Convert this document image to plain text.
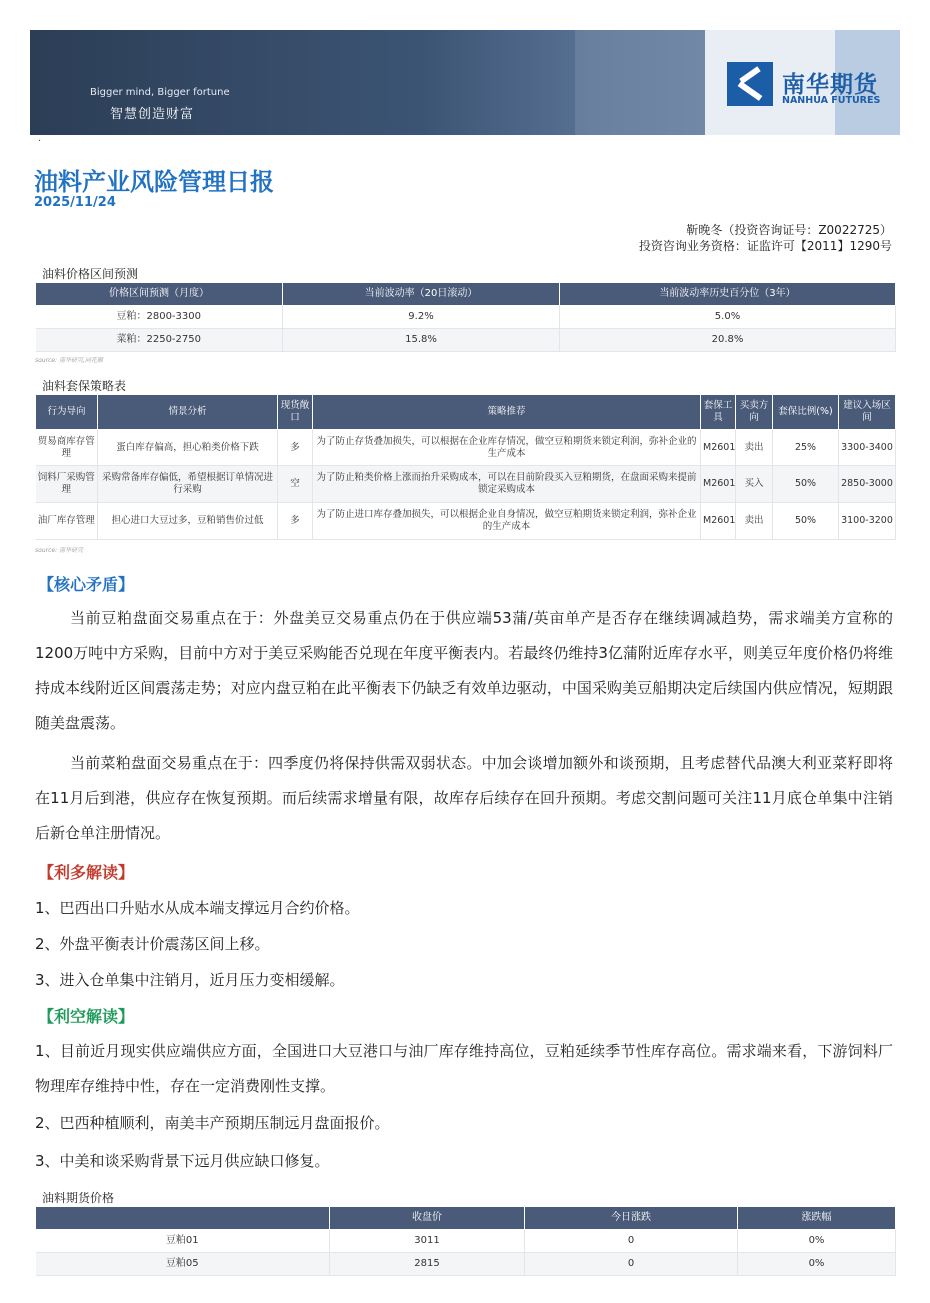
Bigger mind, Bigger fortune
智慧创造财富
南华期货
NANHUA FUTURES
·
油料产业风险管理日报
2025/11/24
靳晚冬（投资咨询证号：Z0022725）
投资咨询业务资格：证监许可【2011】1290号
油料价格区间预测
价格区间预测（月度）	当前波动率（20日滚动）	当前波动率历史百分位（3年）
豆粕：2800-3300	9.2%	5.0%
菜粕：2250-2750	15.8%	20.8%
source: 南华研究,同花顺
油料套保策略表
行为导向	情景分析	现货敞口	策略推荐	套保工具	买卖方向	套保比例(%)	建议入场区间
贸易商库存管理	蛋白库存偏高，担心粕类价格下跌	多	为了防止存货叠加损失，可以根据在企业库存情况，做空豆粕期货来锁定利润，弥补企业的生产成本	M2601	卖出	25%	3300-3400
饲料厂采购管理	采购常备库存偏低，希望根据订单情况进行采购	空	为了防止粕类价格上涨而抬升采购成本，可以在目前阶段买入豆粕期货，在盘面采购来提前锁定采购成本	M2601	买入	50%	2850-3000
油厂库存管理	担心进口大豆过多，豆粕销售价过低	多	为了防止进口库存叠加损失，可以根据企业自身情况，做空豆粕期货来锁定利润，弥补企业的生产成本	M2601	卖出	50%	3100-3200
source: 南华研究
【核心矛盾】
当前豆粕盘面交易重点在于：外盘美豆交易重点仍在于供应端53蒲/英亩单产是否存在继续调减趋势，需求端美方宣称的1200万吨中方采购，目前中方对于美豆采购能否兑现在年度平衡表内。若最终仍维持3亿蒲附近库存水平，则美豆年度价格仍将维持成本线附近区间震荡走势；对应内盘豆粕在此平衡表下仍缺乏有效单边驱动，中国采购美豆船期决定后续国内供应情况，短期跟随美盘震荡。
当前菜粕盘面交易重点在于：四季度仍将保持供需双弱状态。中加会谈增加额外和谈预期，且考虑替代品澳大利亚菜籽即将在11月后到港，供应存在恢复预期。而后续需求增量有限，故库存后续存在回升预期。考虑交割问题可关注11月底仓单集中注销后新仓单注册情况。
【利多解读】
1、巴西出口升贴水从成本端支撑远月合约价格。
2、外盘平衡表计价震荡区间上移。
3、进入仓单集中注销月，近月压力变相缓解。
【利空解读】
1、目前近月现实供应端供应方面，全国进口大豆港口与油厂库存维持高位，豆粕延续季节性库存高位。需求端来看，下游饲料厂物理库存维持中性，存在一定消费刚性支撑。
2、巴西种植顺利，南美丰产预期压制远月盘面报价。
3、中美和谈采购背景下远月供应缺口修复。
油料期货价格
	收盘价	今日涨跌	涨跌幅
豆粕01	3011	0	0%
豆粕05	2815	0	0%
